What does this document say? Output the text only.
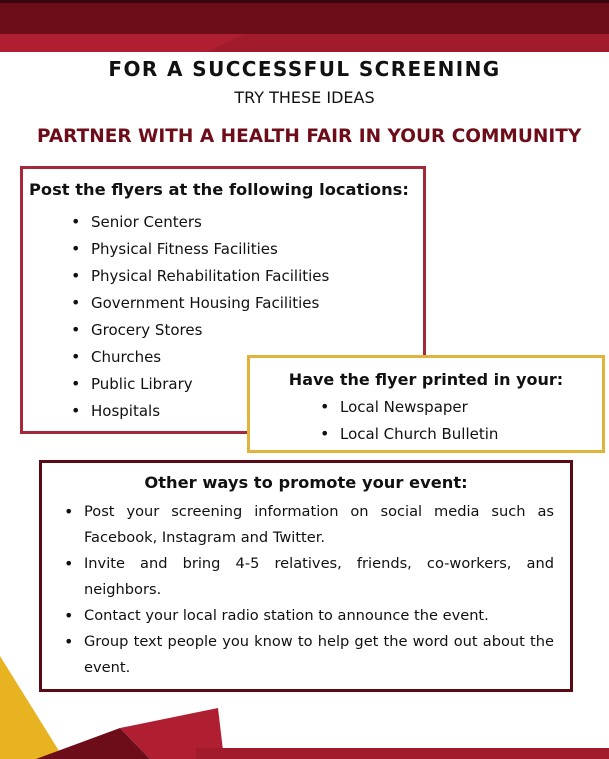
FOR A SUCCESSFUL SCREENING
TRY THESE IDEAS
PARTNER WITH A HEALTH FAIR IN YOUR COMMUNITY
Post the flyers at the following locations:
• Senior Centers
• Physical Fitness Facilities
• Physical Rehabilitation Facilities
• Government Housing Facilities
• Grocery Stores
• Churches
• Public Library
• Hospitals
Have the flyer printed in your:
• Local Newspaper
• Local Church Bulletin
Other ways to promote your event:
• Post your screening information on social media such as Facebook, Instagram and Twitter.
• Invite and bring 4-5 relatives, friends, co-workers, and neighbors.
• Contact your local radio station to announce the event.
• Group text people you know to help get the word out about the event.
